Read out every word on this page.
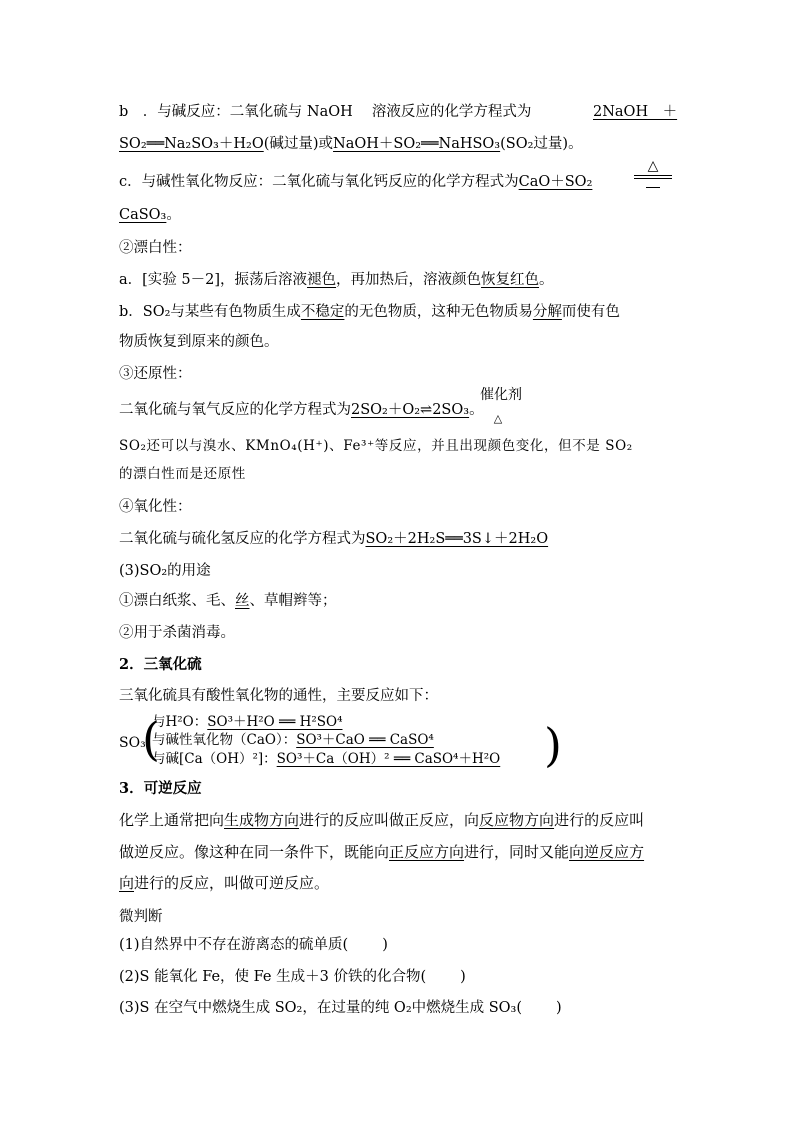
b　．与碱反应：二氧化硫与 NaOH　 溶液反应的化学方程式为	2NaOH　＋
SO₂══Na₂SO₃＋H₂O(碱过量)或NaOH＋SO₂══NaHSO₃(SO₂过量)。
c．与碱性氧化物反应：二氧化硫与氧化钙反应的化学方程式为CaO＋SO₂
△
CaSO₃。
②漂白性：
a．[实验 5－2]，振荡后溶液褪色，再加热后，溶液颜色恢复红色。
b．SO₂与某些有色物质生成不稳定的无色物质，这种无色物质易分解而使有色
物质恢复到原来的颜色。
③还原性：
催化剂
二氧化硫与氧气反应的化学方程式为2SO₂＋O₂⇌2SO₃。
△
SO₂还可以与溴水、KMnO₄(H⁺)、Fe³⁺等反应，并且出现颜色变化，但不是 SO₂
的漂白性而是还原性
④氧化性：
二氧化硫与硫化氢反应的化学方程式为SO₂＋2H₂S══3S↓＋2H₂O
(3)SO₂的用途
①漂白纸浆、毛、丝、草帽辫等；
②用于杀菌消毒。
2．三氧化硫
三氧化硫具有酸性氧化物的通性，主要反应如下：
SO₃
(	)
与H²O：SO³＋H²O ══ H²SO⁴
与碱性氧化物（CaO）：SO³＋CaO ══ CaSO⁴
与碱[Ca（OH）²]：SO³＋Ca（OH）² ══ CaSO⁴＋H²O
3．可逆反应
化学上通常把向生成物方向进行的反应叫做正反应，向反应物方向进行的反应叫
做逆反应。像这种在同一条件下，既能向正反应方向进行，同时又能向逆反应方
向进行的反应，叫做可逆反应。
微判断
(1)自然界中不存在游离态的硫单质( )
(2)S 能氧化 Fe，使 Fe 生成＋3 价铁的化合物( )
(3)S 在空气中燃烧生成 SO₂，在过量的纯 O₂中燃烧生成 SO₃( )
